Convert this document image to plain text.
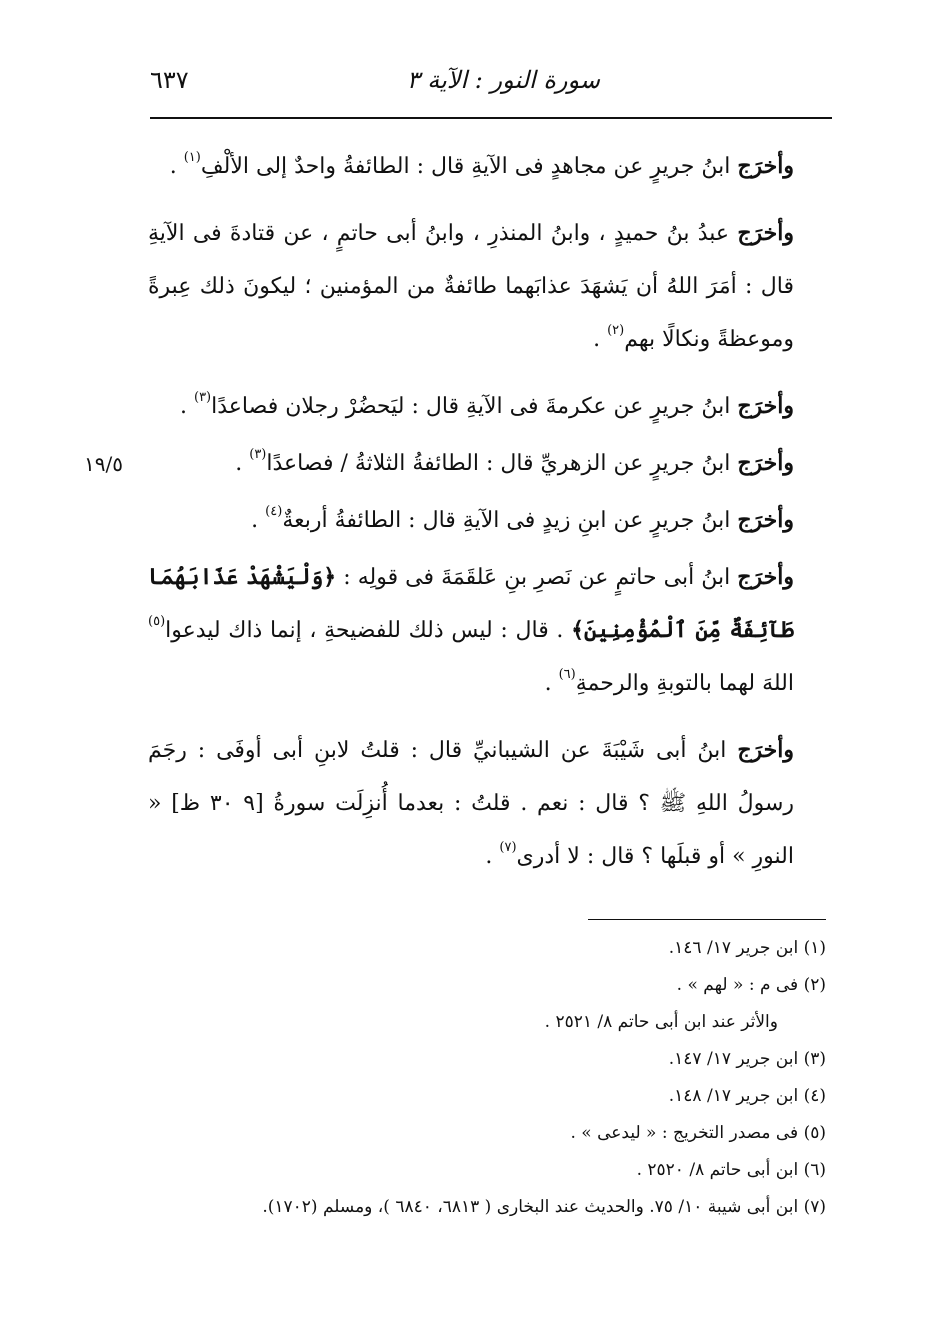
٦٣٧	سورة النور : الآية ٣
١٩/٥

وأخرَج ابنُ جريرٍ عن مجاهدٍ فى الآيةِ قال : الطائفةُ واحدٌ إلى الألْفِ$^{(١)}$ .

وأخرَج عبدُ بنُ حميدٍ ، وابنُ المنذرِ ، وابنُ أبى حاتمٍ ، عن قتادةَ فى الآيةِ قال : أمَرَ اللهُ أن يَشهَدَ عذابَهما طائفةٌ من المؤمنين ؛ ليكونَ ذلك عِبرةً وموعظةً ونكالًا بهم$^{(٢)}$ .

وأخرَج ابنُ جريرٍ عن عكرمةَ فى الآيةِ قال : ليَحضُرْ رجلان فصاعدًا$^{(٣)}$ .

وأخرَج ابنُ جريرٍ عن الزهريِّ قال : الطائفةُ الثلاثةُ / فصاعدًا$^{(٣)}$ .

وأخرَج ابنُ جريرٍ عن ابنِ زيدٍ فى الآيةِ قال : الطائفةُ أربعةٌ$^{(٤)}$ .

وأخرَج ابنُ أبى حاتمٍ عن نَصرِ بنِ عَلقَمَةَ فى قولِه : ﴿وَلْيَشْهَدْ عَذَابَهُمَا طَآئِفَةٌ مِّنَ ٱلْمُؤْمِنِينَ﴾ . قال : ليس ذلك للفضيحةِ ، إنما ذاك ليدعوا$^{(٥)}$ اللهَ لهما بالتوبةِ والرحمةِ$^{(٦)}$ .

وأخرَج ابنُ أبى شَيْبَةَ عن الشيبانيِّ قال : قلتُ لابنِ أبى أوفَى : رجَمَ رسولُ اللهِ ﷺ ؟ قال : نعم . قلتُ : بعدما أُنزِلَت سورةُ [٩ ٣٠ ظ] « النورِ » أو قبلَها ؟ قال : لا أدرى$^{(٧)}$ .

(١) ابن جرير ١٧/ ١٤٦.

(٢) فى م : « لهم » .
والأثر عند ابن أبى حاتم ٨/ ٢٥٢١ .

(٣) ابن جرير ١٧/ ١٤٧.

(٤) ابن جرير ١٧/ ١٤٨.

(٥) فى مصدر التخريج : « ليدعى » .

(٦) ابن أبى حاتم ٨/ ٢٥٢٠ .

(٧) ابن أبى شيبة ١٠/ ٧٥. والحديث عند البخارى ( ٦٨١٣، ٦٨٤٠ )، ومسلم (١٧٠٢).
